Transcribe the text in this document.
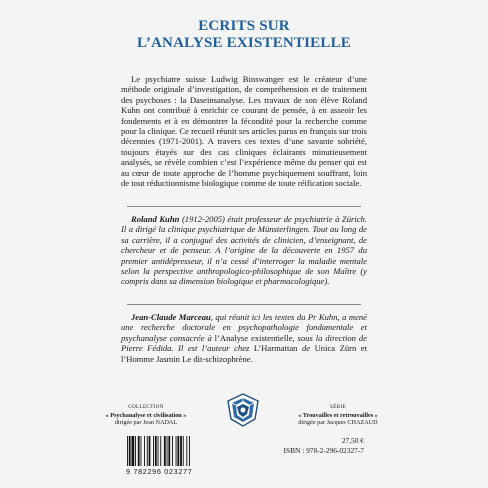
ECRITS SUR
L’ANALYSE EXISTENTIELLE

Le psychiatre suisse Ludwig Binswanger est le créateur d’une méthode originale d’investigation, de compréhension et de traitement des psychoses : la Daseinsanalyse. Les travaux de son élève Roland Kuhn ont contribué à enrichir ce courant de pensée, à en asseoir les fondements et à en démontrer la fécondité pour la recherche comme pour la clinique. Ce recueil réunit ses articles parus en français sur trois décennies (1971-2001). A travers ces textes d’une savante sobriété, toujours étayés sur des cas cliniques éclairants minutieusement analysés, se révèle combien c’est l’expérience même du penser qui est au cœur de toute approche de l’homme psychiquement souffrant, loin de tout réductionnisme biologique comme de toute réification sociale.

Roland Kuhn (1912-2005) était professeur de psychiatrie à Zürich. Il a dirigé la clinique psychiatrique de Münsterlingen. Tout au long de sa carrière, il a conjugué des activités de clinicien, d’enseignant, de chercheur et de penseur. A l’origine de la découverte en 1957 du premier antidépresseur, il n’a cessé d’interroger la maladie mentale selon la perspective anthropologico-philosophique de son Maître (y compris dans sa dimension biologique et pharmacologique).

Jean-Claude Marceau, qui réunit ici les textes du Pr Kuhn, a mené une recherche doctorale en psychopathologie fondamentale et psychanalyse consacrée à l’Analyse existentielle, sous la direction de Pierre Fédida. Il est l’auteur chez L’Harmattan de Unica Zürn et l’Homme Jasmin Le dit-schizophrène.

COLLECTION
« Psychanalyse et civilisation »
dirigée par Jean NADAL
SÉRIE
« Trouvailles et retrouvailles »
dirigée par Jacques CHAZAUD
9 782296 023277
27,50 €
ISBN : 978-2-296-02327-7
